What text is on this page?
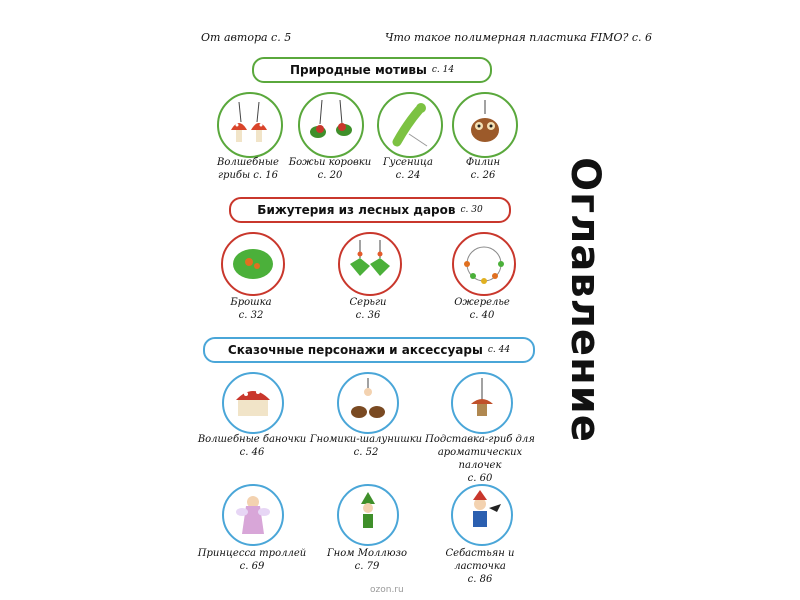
От автора с. 5	Что такое полимерная пластика FIMO? с. 6
Оглавление
Природные мотивы с. 14
Волшебные
грибы с. 16
Божьи коровки
с. 20
Гусеница
с. 24
Филин
с. 26
Бижутерия из лесных даров с. 30
Брошка
с. 32
Серьги
с. 36
Ожерелье
с. 40
Сказочные персонажи и аксессуары с. 44
Волшебные баночки
с. 46
Гномики-шалунишки
с. 52
Подставка-гриб для
ароматических палочек
с. 60
Принцесса троллей
с. 69
Гном Моллюзо
с. 79
Себастьян и ласточка
с. 86
ozon.ru
